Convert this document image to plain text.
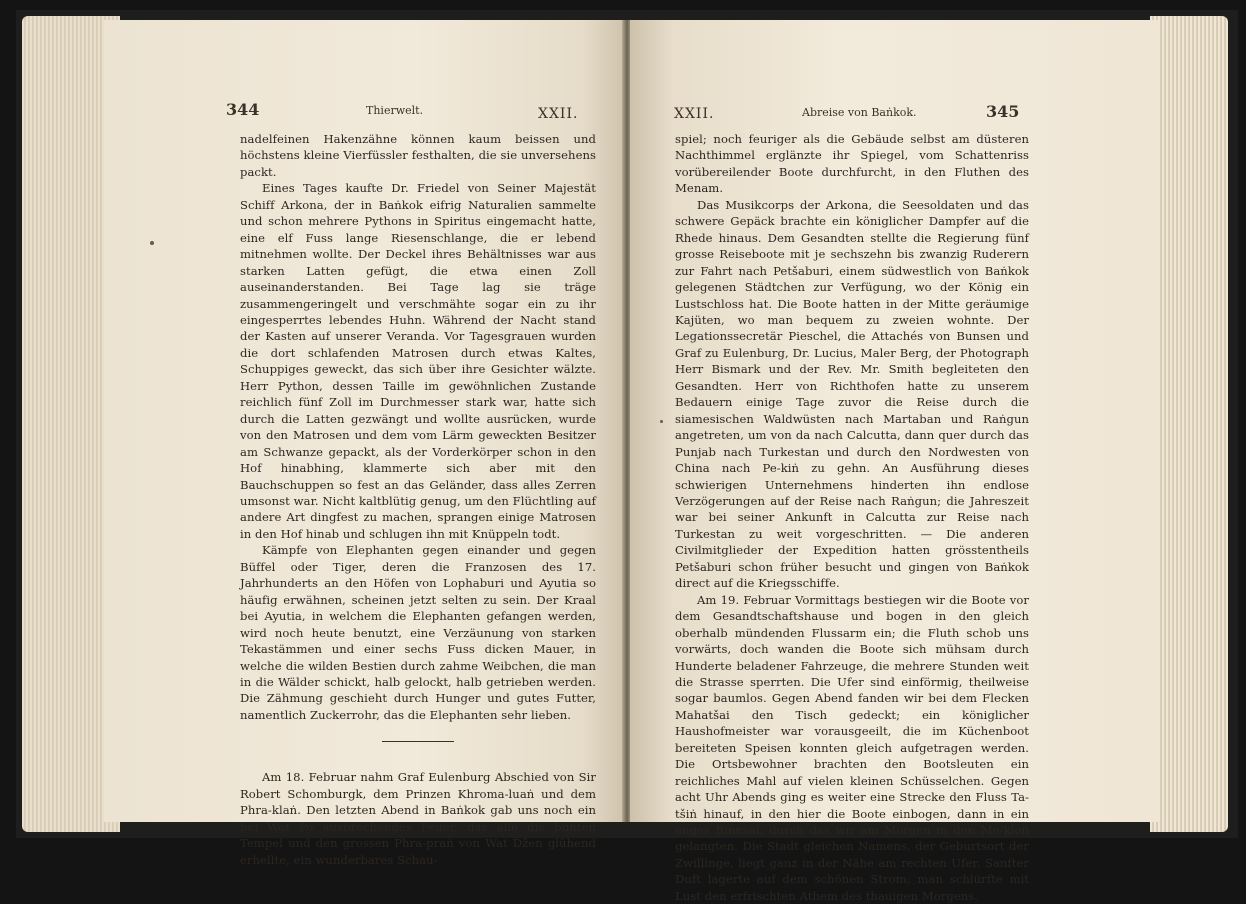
344	Thierwelt.	XXII.

nadelfeinen Hakenzähne können kaum beissen und höchstens kleine Vierfüssler festhalten, die sie unversehens packt.

Eines Tages kaufte Dr. Friedel von Seiner Majestät Schiff Arkona, der in Baṅkok eifrig Naturalien sammelte und schon mehrere Pythons in Spiritus eingemacht hatte, eine elf Fuss lange Riesenschlange, die er lebend mitnehmen wollte. Der Deckel ihres Behältnisses war aus starken Latten gefügt, die etwa einen Zoll auseinanderstanden. Bei Tage lag sie träge zusammengeringelt und verschmähte sogar ein zu ihr eingesperrtes lebendes Huhn. Während der Nacht stand der Kasten auf unserer Veranda. Vor Tagesgrauen wurden die dort schlafenden Matrosen durch etwas Kaltes, Schuppiges geweckt, das sich über ihre Gesichter wälzte. Herr Python, dessen Taille im gewöhnlichen Zustande reichlich fünf Zoll im Durchmesser stark war, hatte sich durch die Latten gezwängt und wollte ausrücken, wurde von den Matrosen und dem vom Lärm geweckten Besitzer am Schwanze gepackt, als der Vorderkörper schon in den Hof hinabhing, klammerte sich aber mit den Bauchschuppen so fest an das Geländer, dass alles Zerren umsonst war. Nicht kaltblütig genug, um den Flüchtling auf andere Art dingfest zu machen, sprangen einige Matrosen in den Hof hinab und schlugen ihn mit Knüppeln todt.

Kämpfe von Elephanten gegen einander und gegen Büffel oder Tiger, deren die Franzosen des 17. Jahrhunderts an den Höfen von Lophaburi und Ayutia so häufig erwähnen, scheinen jetzt selten zu sein. Der Kraal bei Ayutia, in welchem die Elephanten gefangen werden, wird noch heute benutzt, eine Verzäunung von starken Tekastämmen und einer sechs Fuss dicken Mauer, in welche die wilden Bestien durch zahme Weibchen, die man in die Wälder schickt, halb gelockt, halb getrieben werden. Die Zähmung geschieht durch Hunger und gutes Futter, namentlich Zuckerrohr, das die Elephanten sehr lieben.

Am 18. Februar nahm Graf Eulenburg Abschied von Sir Robert Schomburgk, dem Prinzen Khroma-luaṅ und dem Phra-klaṅ. Den letzten Abend in Baṅkok gab uns noch ein bei Wat Po ausbrechendes Feuer, das alle die bunten Tempel und den grossen Phra-praṅ von Wat Džen glühend erhellte, ein wunderbares Schau-

XXII.	Abreise von Baṅkok.	345

spiel; noch feuriger als die Gebäude selbst am düsteren Nachthimmel erglänzte ihr Spiegel, vom Schattenriss vorübereilender Boote durchfurcht, in den Fluthen des Menam.

Das Musikcorps der Arkona, die Seesoldaten und das schwere Gepäck brachte ein königlicher Dampfer auf die Rhede hinaus. Dem Gesandten stellte die Regierung fünf grosse Reiseboote mit je sechszehn bis zwanzig Ruderern zur Fahrt nach Petšaburi, einem südwestlich von Baṅkok gelegenen Städtchen zur Verfügung, wo der König ein Lustschloss hat. Die Boote hatten in der Mitte geräumige Kajüten, wo man bequem zu zweien wohnte. Der Legationssecretär Pieschel, die Attachés von Bunsen und Graf zu Eulenburg, Dr. Lucius, Maler Berg, der Photograph Herr Bismark und der Rev. Mr. Smith begleiteten den Gesandten. Herr von Richthofen hatte zu unserem Bedauern einige Tage zuvor die Reise durch die siamesischen Waldwüsten nach Martaban und Raṅgun angetreten, um von da nach Calcutta, dann quer durch das Punjab nach Turkestan und durch den Nordwesten von China nach Pe-kiṅ zu gehn. An Ausführung dieses schwierigen Unternehmens hinderten ihn endlose Verzögerungen auf der Reise nach Raṅgun; die Jahreszeit war bei seiner Ankunft in Calcutta zur Reise nach Turkestan zu weit vorgeschritten. — Die anderen Civilmitglieder der Expedition hatten grösstentheils Petšaburi schon früher besucht und gingen von Baṅkok direct auf die Kriegsschiffe.

Am 19. Februar Vormittags bestiegen wir die Boote vor dem Gesandtschaftshause und bogen in den gleich oberhalb mündenden Flussarm ein; die Fluth schob uns vorwärts, doch wanden die Boote sich mühsam durch Hunderte beladener Fahrzeuge, die mehrere Stunden weit die Strasse sperrten. Die Ufer sind einförmig, theilweise sogar baumlos. Gegen Abend fanden wir bei dem Flecken Mahatšai den Tisch gedeckt; ein königlicher Haushofmeister war vorausgeeilt, die im Küchenboot bereiteten Speisen konnten gleich aufgetragen werden. Die Ortsbewohner brachten den Bootsleuten ein reichliches Mahl auf vielen kleinen Schüsselchen. Gegen acht Uhr Abends ging es weiter eine Strecke den Fluss Ta-tšiṅ hinauf, in den hier die Boote einbogen, dann in ein enges Rinnsal, durch das wir am Morgen in den Me-kloṅ gelangten. Die Stadt gleichen Namens, der Geburtsort der Zwillinge, liegt ganz in der Nähe am rechten Ufer. Sanfter Duft lagerte auf dem schönen Strom; man schlürfte mit Lust den erfrischten Athem des thauigen Morgens.
